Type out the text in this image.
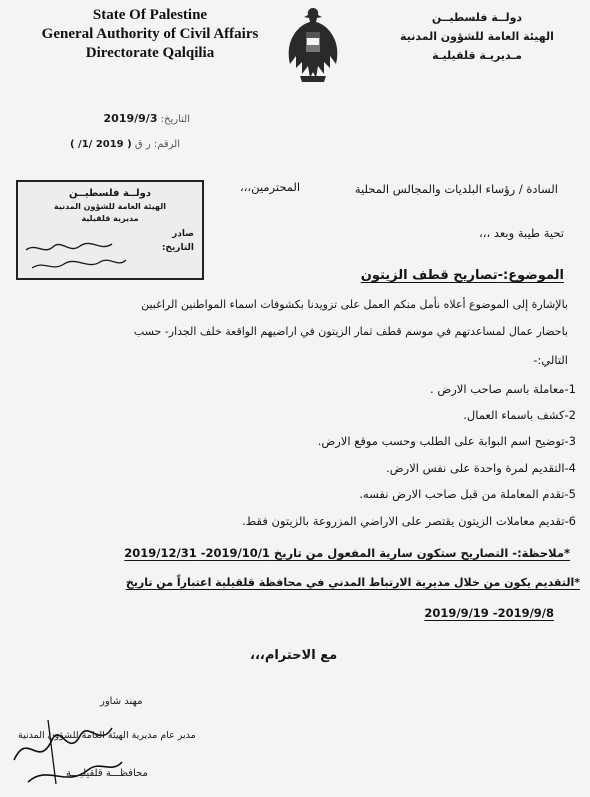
State Of Palestine
General Authority of Civil Affairs
Directorate Qalqilia
دولــة فلسطيــن
الهيئة العامة للشؤون المدنية
مـديريـة قلقيليـة
التاريخ: 2019/9/3
الرقم: ر ق ( 2019 /1/ )
السادة / رؤساء البلديات والمجالس المحلية
المحترمين،،،
تحية طيبة وبعد ،،،
دولــة فلسطيــن
الهيئة العامة للشؤون المدنية
مديرية قلقيلية
صادر
التاريخ:
الموضوع:-تصاريح قطف الزيتون
بالإشارة إلى الموضوع أعلاه نأمل منكم العمل على تزويدنا بكشوفات اسماء المواطنين الراغبين
باحضار عمال لمساعدتهم في موسم قطف ثمار الزيتون في اراضيهم الواقعة خلف الجدار- حسب
التالي:-
1-معاملة باسم صاحب الارض .
2-كشف باسماء العمال.
3-توضيح اسم البوابة على الطلب وحسب موقع الارض.
4-التقديم لمرة واحدة على نفس الارض.
5-تقدم المعاملة من قبل صاحب الارض نفسه.
6-تقديم معاملات الزيتون يقتصر على الاراضي المزروعة بالزيتون فقط.
*ملاحظة:- التصاريح ستكون سارية المفعول من تاريخ 2019/10/1- 2019/12/31
*التقديم يكون من خلال مديرية الارتباط المدني في محافظة قلقيلية اعتباراً من تاريخ
2019/9/8- 2019/9/19
مع الاحترام،،،
مهند شاور
مدير عام مديرية الهيئة العامة للشؤون المدنية
محافظـــة قلقيليـــة
